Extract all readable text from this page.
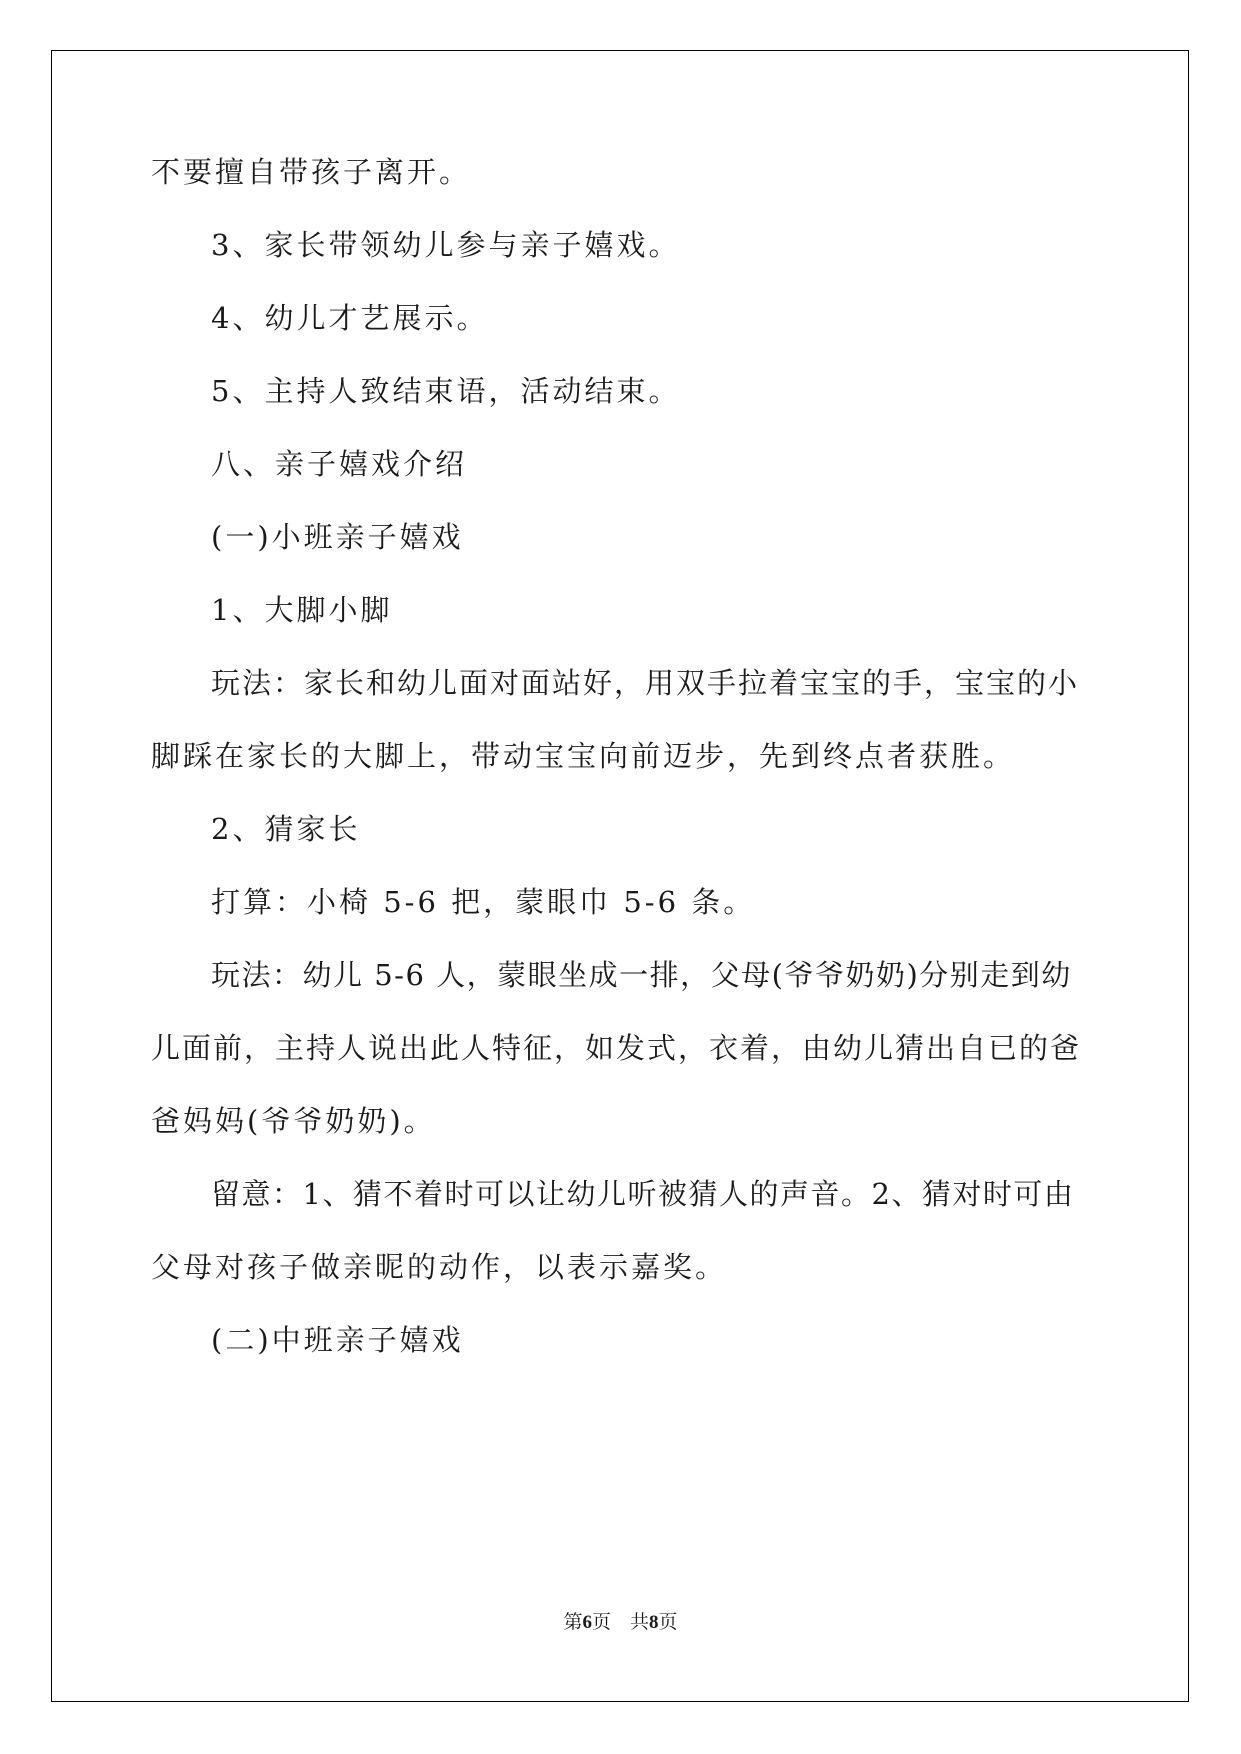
不要擅自带孩子离开。
3、家长带领幼儿参与亲子嬉戏。
4、幼儿才艺展示。
5、主持人致结束语，活动结束。
八、亲子嬉戏介绍
(一)小班亲子嬉戏
1、大脚小脚
玩法：家长和幼儿面对面站好，用双手拉着宝宝的手，宝宝的小
脚踩在家长的大脚上，带动宝宝向前迈步，先到终点者获胜。
2、猜家长
打算：小椅 5-6 把，蒙眼巾 5-6 条。
玩法：幼儿 5-6 人，蒙眼坐成一排，父母(爷爷奶奶)分别走到幼
儿面前，主持人说出此人特征，如发式，衣着，由幼儿猜出自已的爸
爸妈妈(爷爷奶奶)。
留意：1、猜不着时可以让幼儿听被猜人的声音。2、猜对时可由
父母对孩子做亲昵的动作，以表示嘉奖。
(二)中班亲子嬉戏
第6页　共8页
